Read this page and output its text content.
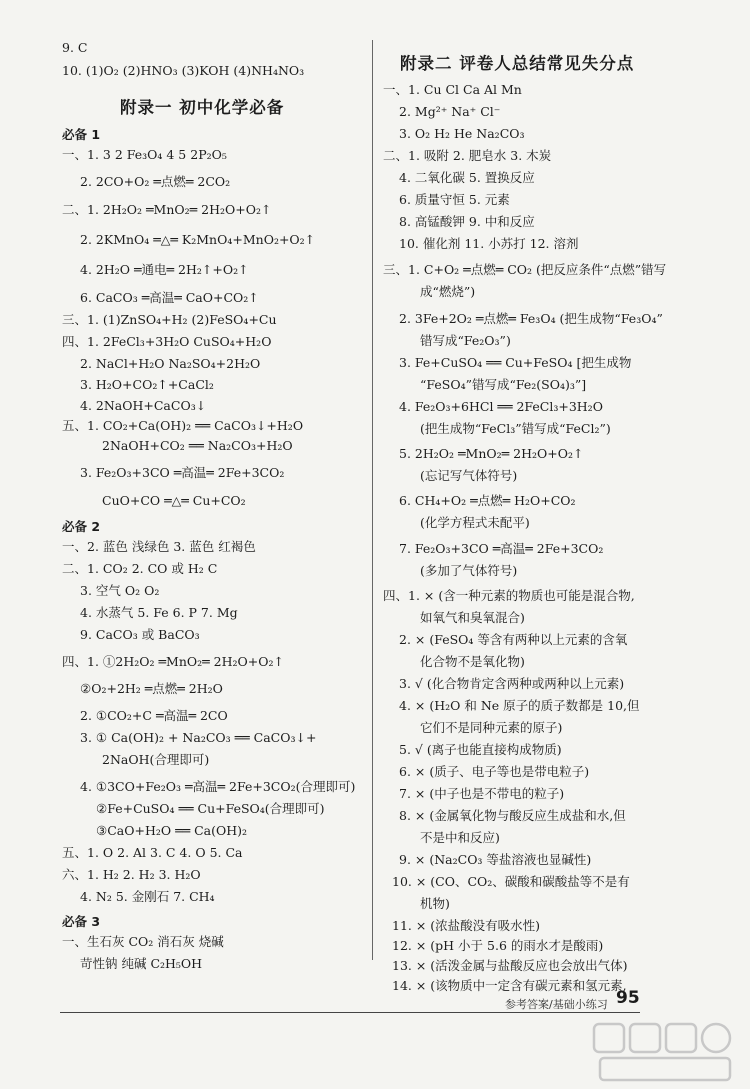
9. C
10. (1)O₂ (2)HNO₃ (3)KOH (4)NH₄NO₃
附录一 初中化学必备
必备 1
一、1. 3 2 Fe₃O₄ 4 5 2P₂O₅
2. 2CO+O₂ ═点燃═ 2CO₂
二、1. 2H₂O₂ ═MnO₂═ 2H₂O+O₂↑
2. 2KMnO₄ ═△═ K₂MnO₄+MnO₂+O₂↑
4. 2H₂O ═通电═ 2H₂↑+O₂↑
6. CaCO₃ ═高温═ CaO+CO₂↑
三、1. (1)ZnSO₄+H₂ (2)FeSO₄+Cu
四、1. 2FeCl₃+3H₂O CuSO₄+H₂O
2. NaCl+H₂O Na₂SO₄+2H₂O
3. H₂O+CO₂↑+CaCl₂
4. 2NaOH+CaCO₃↓
五、1. CO₂+Ca(OH)₂ ══ CaCO₃↓+H₂O
2NaOH+CO₂ ══ Na₂CO₃+H₂O
3. Fe₂O₃+3CO ═高温═ 2Fe+3CO₂
CuO+CO ═△═ Cu+CO₂
必备 2
一、2. 蓝色 浅绿色 3. 蓝色 红褐色
二、1. CO₂ 2. CO 或 H₂ C
3. 空气 O₂ O₂
4. 水蒸气 5. Fe 6. P 7. Mg
9. CaCO₃ 或 BaCO₃
四、1. ①2H₂O₂ ═MnO₂═ 2H₂O+O₂↑
②O₂+2H₂ ═点燃═ 2H₂O
2. ①CO₂+C ═高温═ 2CO
3. ① Ca(OH)₂ + Na₂CO₃ ══ CaCO₃↓+
2NaOH(合理即可)
4. ①3CO+Fe₂O₃ ═高温═ 2Fe+3CO₂(合理即可)
②Fe+CuSO₄ ══ Cu+FeSO₄(合理即可)
③CaO+H₂O ══ Ca(OH)₂
五、1. O 2. Al 3. C 4. O 5. Ca
六、1. H₂ 2. H₂ 3. H₂O
4. N₂ 5. 金刚石 7. CH₄
必备 3
一、生石灰 CO₂ 消石灰 烧碱
苛性钠 纯碱 C₂H₅OH
附录二 评卷人总结常见失分点
一、1. Cu Cl Ca Al Mn
2. Mg²⁺ Na⁺ Cl⁻
3. O₂ H₂ He Na₂CO₃
二、1. 吸附 2. 肥皂水 3. 木炭
4. 二氧化碳 5. 置换反应
6. 质量守恒 5. 元素
8. 高锰酸钾 9. 中和反应
10. 催化剂 11. 小苏打 12. 溶剂
三、1. C+O₂ ═点燃═ CO₂ (把反应条件“点燃”错写
成“燃烧”)
2. 3Fe+2O₂ ═点燃═ Fe₃O₄ (把生成物“Fe₃O₄”
错写成“Fe₂O₃”)
3. Fe+CuSO₄ ══ Cu+FeSO₄ [把生成物
“FeSO₄”错写成“Fe₂(SO₄)₃”]
4. Fe₂O₃+6HCl ══ 2FeCl₃+3H₂O
(把生成物“FeCl₃”错写成“FeCl₂”)
5. 2H₂O₂ ═MnO₂═ 2H₂O+O₂↑
(忘记写气体符号)
6. CH₄+O₂ ═点燃═ H₂O+CO₂
(化学方程式未配平)
7. Fe₂O₃+3CO ═高温═ 2Fe+3CO₂
(多加了气体符号)
四、1. × (含一种元素的物质也可能是混合物,
如氧气和臭氧混合)
2. × (FeSO₄ 等含有两种以上元素的含氧
化合物不是氧化物)
3. √ (化合物肯定含两种或两种以上元素)
4. × (H₂O 和 Ne 原子的质子数都是 10,但
它们不是同种元素的原子)
5. √ (离子也能直接构成物质)
6. × (质子、电子等也是带电粒子)
7. × (中子也是不带电的粒子)
8. × (金属氧化物与酸反应生成盐和水,但
不是中和反应)
9. × (Na₂CO₃ 等盐溶液也显碱性)
10. × (CO、CO₂、碳酸和碳酸盐等不是有
机物)
11. × (浓盐酸没有吸水性)
12. × (pH 小于 5.6 的雨水才是酸雨)
13. × (活泼金属与盐酸反应也会放出气体)
14. × (该物质中一定含有碳元素和氢元素,
参考答案/基础小练习 95
